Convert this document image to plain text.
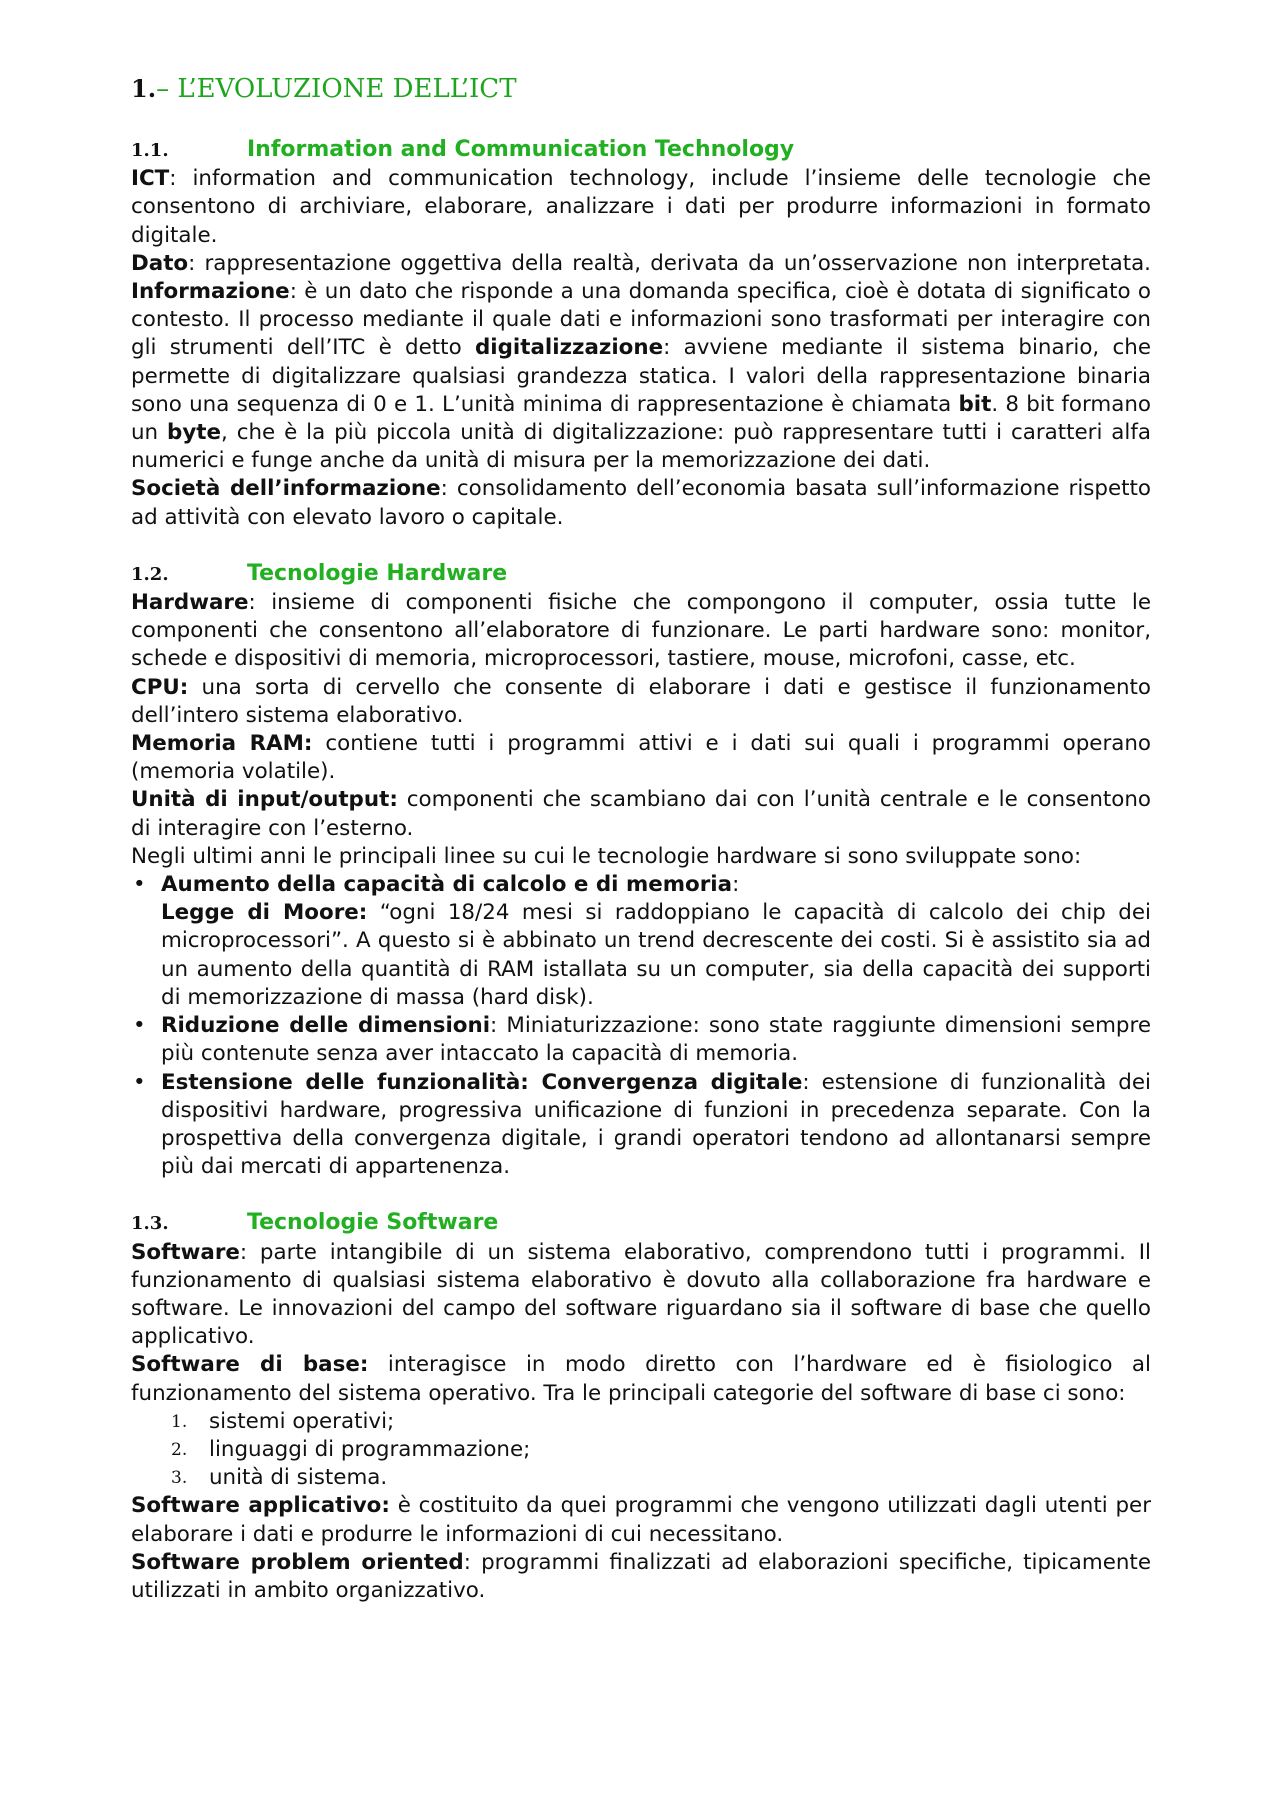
1.– L’EVOLUZIONE DELL’ICT
1.1.	Information and Communication Technology

ICT: information and communication technology, include l’insieme delle tecnologie che consentono di archiviare, elaborare, analizzare i dati per produrre informazioni in formato digitale.

Dato: rappresentazione oggettiva della realtà, derivata da un’osservazione non interpretata. Informazione: è un dato che risponde a una domanda specifica, cioè è dotata di significato o contesto. Il processo mediante il quale dati e informazioni sono trasformati per interagire con gli strumenti dell’ITC è detto digitalizzazione: avviene mediante il sistema binario, che permette di digitalizzare qualsiasi grandezza statica. I valori della rappresentazione binaria sono una sequenza di 0 e 1. L’unità minima di rappresentazione è chiamata bit. 8 bit formano un byte, che è la più piccola unità di digitalizzazione: può rappresentare tutti i caratteri alfa numerici e funge anche da unità di misura per la memorizzazione dei dati.

Società dell’informazione: consolidamento dell’economia basata sull’informazione rispetto ad attività con elevato lavoro o capitale.

1.2.	Tecnologie Hardware

Hardware: insieme di componenti fisiche che compongono il computer, ossia tutte le componenti che consentono all’elaboratore di funzionare. Le parti hardware sono: monitor, schede e dispositivi di memoria, microprocessori, tastiere, mouse, microfoni, casse, etc.

CPU: una sorta di cervello che consente di elaborare i dati e gestisce il funzionamento dell’intero sistema elaborativo.

Memoria RAM: contiene tutti i programmi attivi e i dati sui quali i programmi operano (memoria volatile).

Unità di input/output: componenti che scambiano dai con l’unità centrale e le consentono di interagire con l’esterno.

Negli ultimi anni le principali linee su cui le tecnologie hardware si sono sviluppate sono:

• Aumento della capacità di calcolo e di memoria:
Legge di Moore: “ogni 18/24 mesi si raddoppiano le capacità di calcolo dei chip dei microprocessori”. A questo si è abbinato un trend decrescente dei costi. Si è assistito sia ad un aumento della quantità di RAM istallata su un computer, sia della capacità dei supporti di memorizzazione di massa (hard disk).
• Riduzione delle dimensioni: Miniaturizzazione: sono state raggiunte dimensioni sempre più contenute senza aver intaccato la capacità di memoria.
• Estensione delle funzionalità: Convergenza digitale: estensione di funzionalità dei dispositivi hardware, progressiva unificazione di funzioni in precedenza separate. Con la prospettiva della convergenza digitale, i grandi operatori tendono ad allontanarsi sempre più dai mercati di appartenenza.
1.3.	Tecnologie Software

Software: parte intangibile di un sistema elaborativo, comprendono tutti i programmi. Il funzionamento di qualsiasi sistema elaborativo è dovuto alla collaborazione fra hardware e software. Le innovazioni del campo del software riguardano sia il software di base che quello applicativo.

Software di base: interagisce in modo diretto con l’hardware ed è fisiologico al funzionamento del sistema operativo. Tra le principali categorie del software di base ci sono:

1.	sistemi operativi;
2.	linguaggi di programmazione;
3.	unità di sistema.

Software applicativo: è costituito da quei programmi che vengono utilizzati dagli utenti per elaborare i dati e produrre le informazioni di cui necessitano.

Software problem oriented: programmi finalizzati ad elaborazioni specifiche, tipicamente utilizzati in ambito organizzativo.
